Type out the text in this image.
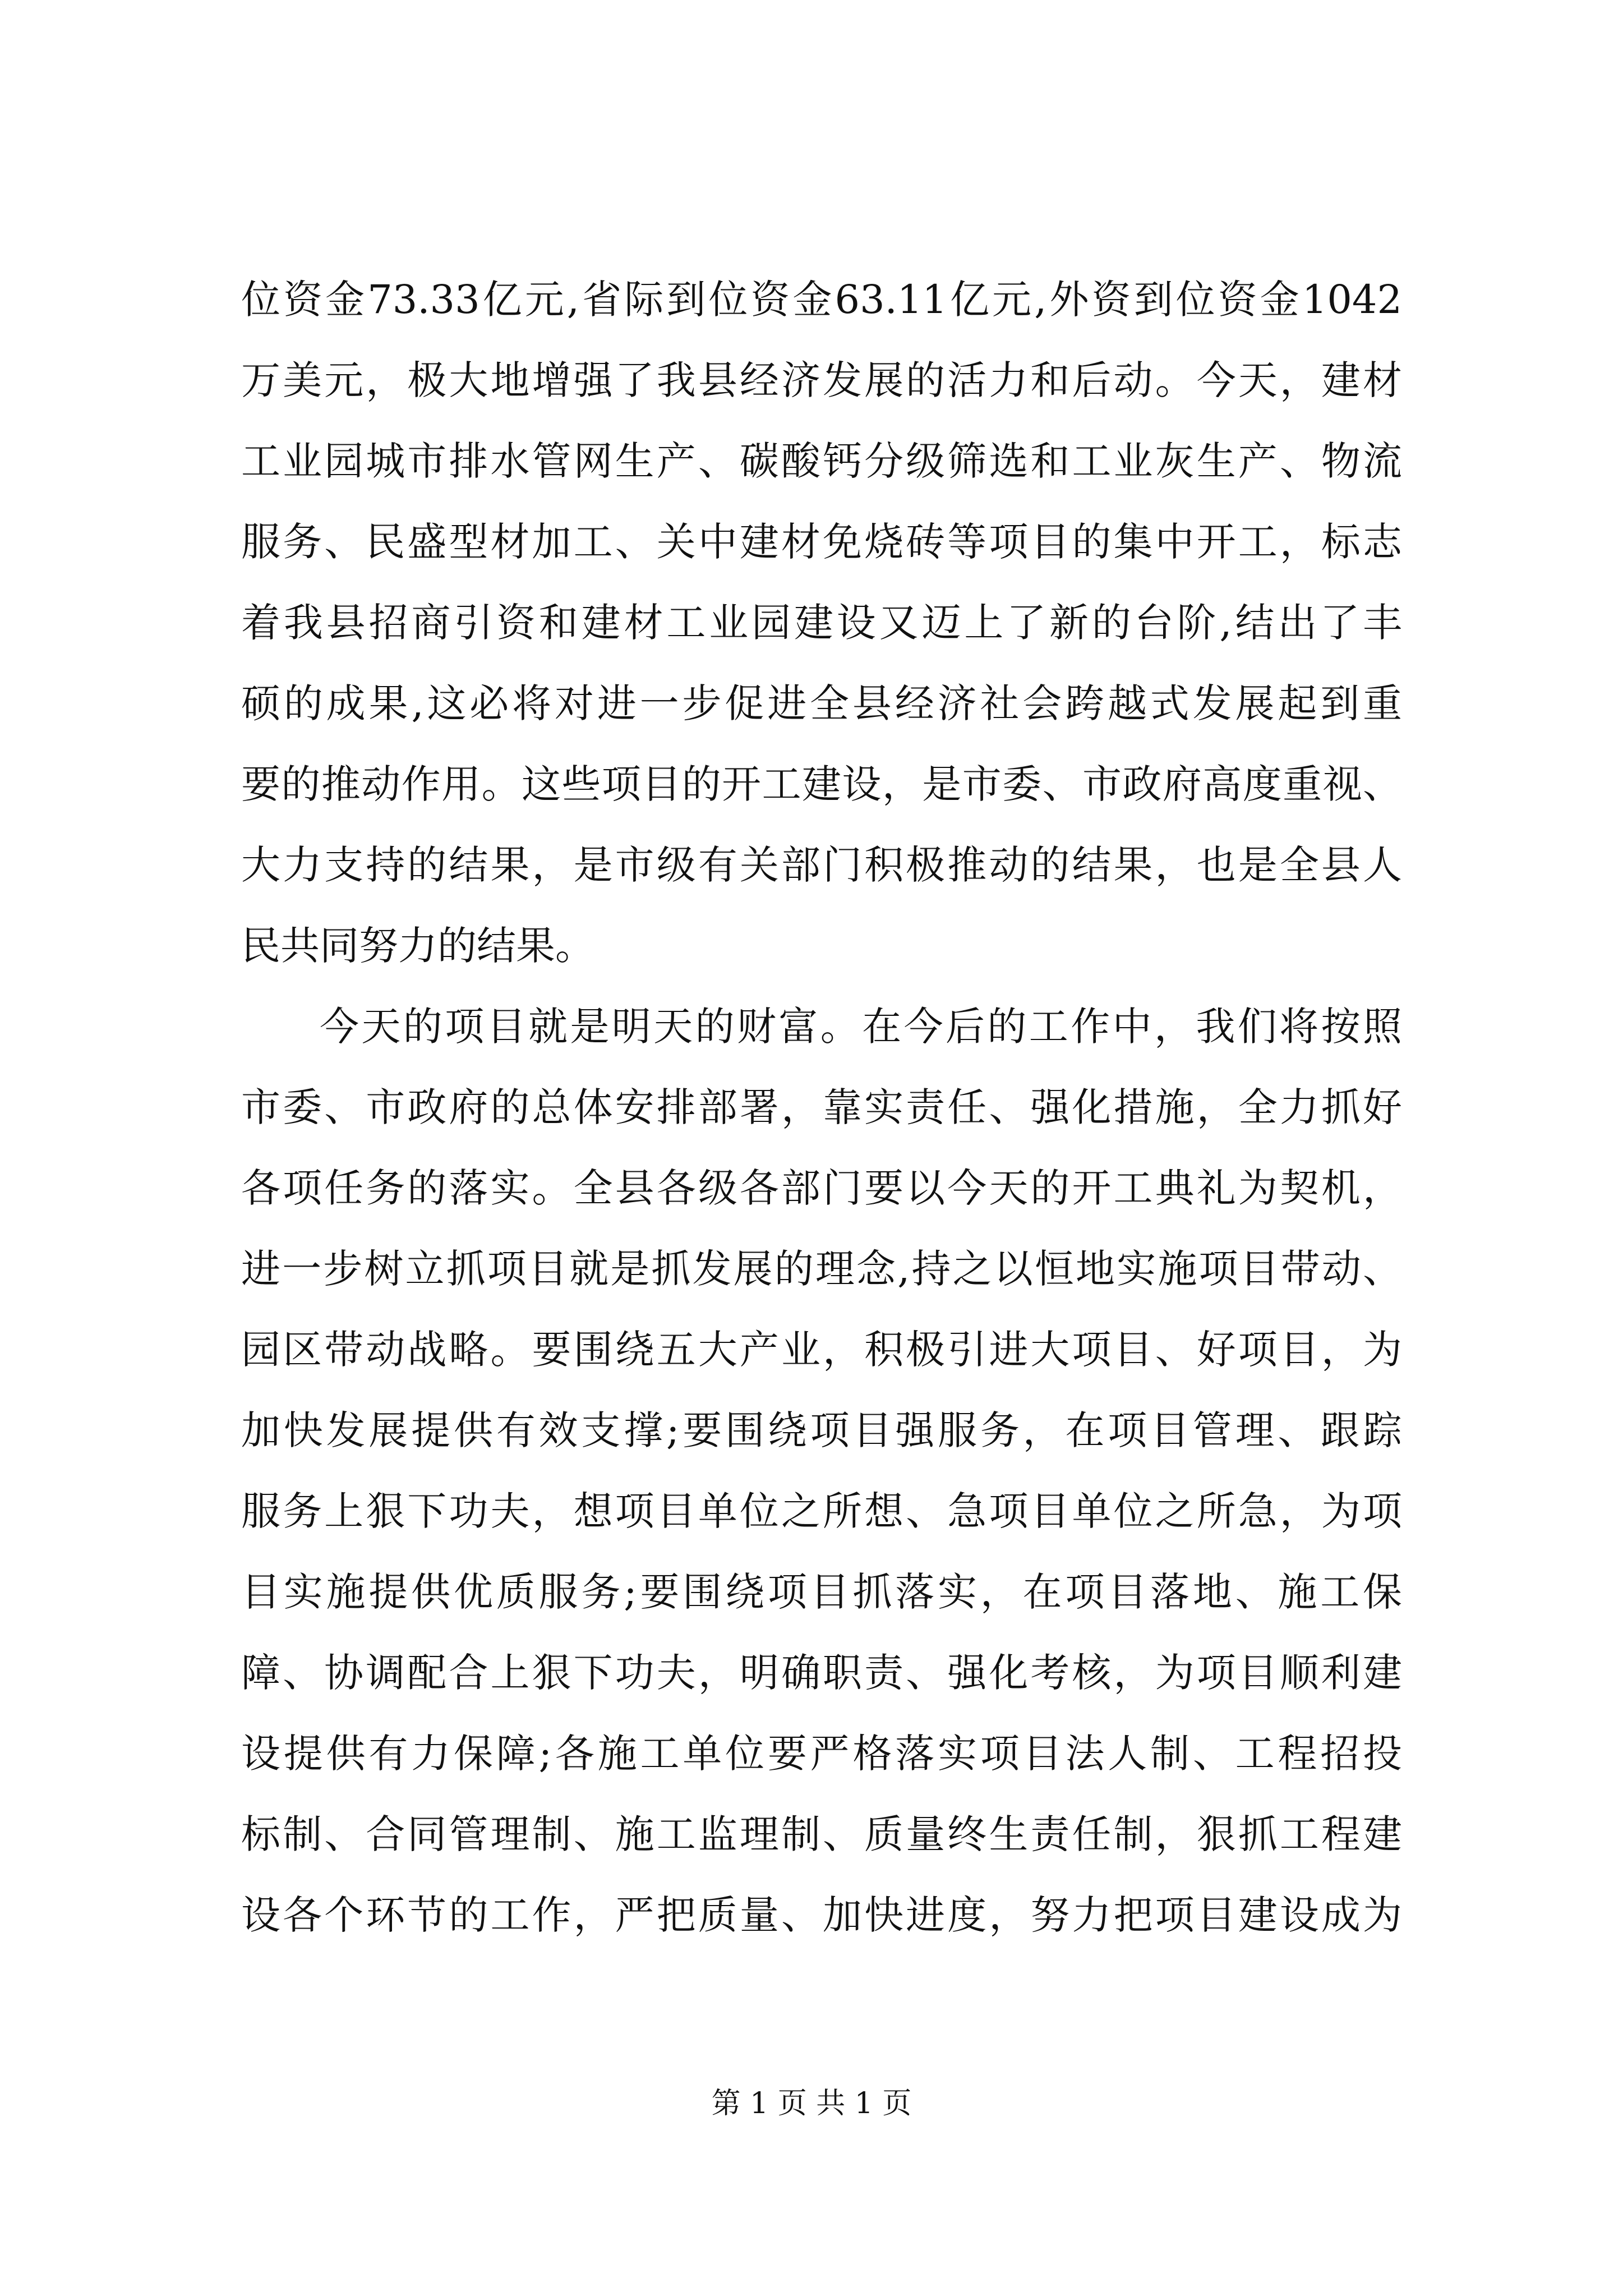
位资金73.33亿元,省际到位资金63.11亿元,外资到位资金1042
万美元，极大地增强了我县经济发展的活力和后动。今天，建材
工业园城市排水管网生产、碳酸钙分级筛选和工业灰生产、物流
服务、民盛型材加工、关中建材免烧砖等项目的集中开工，标志
着我县招商引资和建材工业园建设又迈上了新的台阶,结出了丰
硕的成果,这必将对进一步促进全县经济社会跨越式发展起到重
要的推动作用。这些项目的开工建设，是市委、市政府高度重视、
大力支持的结果，是市级有关部门积极推动的结果，也是全县人
民共同努力的结果。
今天的项目就是明天的财富。在今后的工作中，我们将按照
市委、市政府的总体安排部署，靠实责任、强化措施，全力抓好
各项任务的落实。全县各级各部门要以今天的开工典礼为契机，
进一步树立抓项目就是抓发展的理念,持之以恒地实施项目带动、
园区带动战略。要围绕五大产业，积极引进大项目、好项目，为
加快发展提供有效支撑;要围绕项目强服务，在项目管理、跟踪
服务上狠下功夫，想项目单位之所想、急项目单位之所急，为项
目实施提供优质服务;要围绕项目抓落实，在项目落地、施工保
障、协调配合上狠下功夫，明确职责、强化考核，为项目顺利建
设提供有力保障;各施工单位要严格落实项目法人制、工程招投
标制、合同管理制、施工监理制、质量终生责任制，狠抓工程建
设各个环节的工作，严把质量、加快进度，努力把项目建设成为
第 1 页 共 1 页
